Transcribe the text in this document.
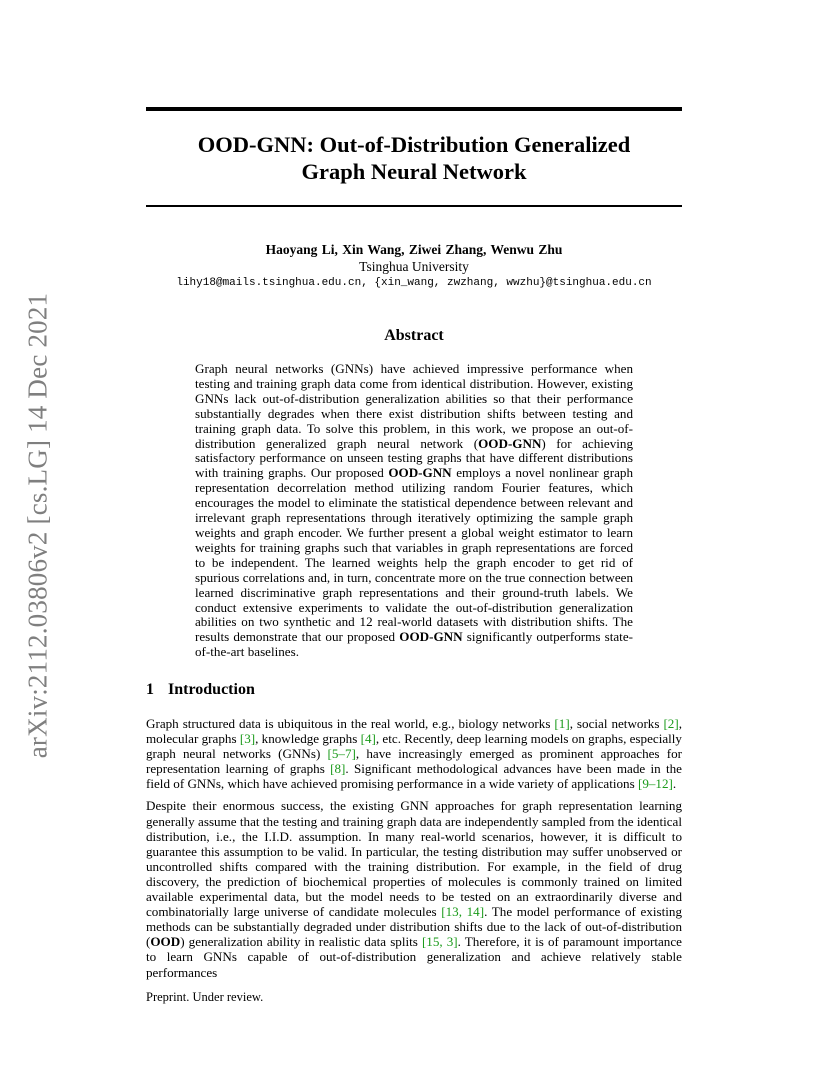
arXiv:2112.03806v2 [cs.LG] 14 Dec 2021
OOD-GNN: Out-of-Distribution Generalized
Graph Neural Network
Haoyang Li, Xin Wang, Ziwei Zhang, Wenwu Zhu
Tsinghua University
lihy18@mails.tsinghua.edu.cn, {xin_wang, zwzhang, wwzhu}@tsinghua.edu.cn
Abstract

Graph neural networks (GNNs) have achieved impressive performance when testing and training graph data come from identical distribution. However, existing GNNs lack out-of-distribution generalization abilities so that their performance substantially degrades when there exist distribution shifts between testing and training graph data. To solve this problem, in this work, we propose an out-of-distribution generalized graph neural network (OOD-GNN) for achieving satisfactory performance on unseen testing graphs that have different distributions with training graphs. Our proposed OOD-GNN employs a novel nonlinear graph representation decorrelation method utilizing random Fourier features, which encourages the model to eliminate the statistical dependence between relevant and irrelevant graph representations through iteratively optimizing the sample graph weights and graph encoder. We further present a global weight estimator to learn weights for training graphs such that variables in graph representations are forced to be independent. The learned weights help the graph encoder to get rid of spurious correlations and, in turn, concentrate more on the true connection between learned discriminative graph representations and their ground-truth labels. We conduct extensive experiments to validate the out-of-distribution generalization abilities on two synthetic and 12 real-world datasets with distribution shifts. The results demonstrate that our proposed OOD-GNN significantly outperforms state-of-the-art baselines.

1 Introduction

Graph structured data is ubiquitous in the real world, e.g., biology networks [1], social networks [2], molecular graphs [3], knowledge graphs [4], etc. Recently, deep learning models on graphs, especially graph neural networks (GNNs) [5–7], have increasingly emerged as prominent approaches for representation learning of graphs [8]. Significant methodological advances have been made in the field of GNNs, which have achieved promising performance in a wide variety of applications [9–12].

Despite their enormous success, the existing GNN approaches for graph representation learning generally assume that the testing and training graph data are independently sampled from the identical distribution, i.e., the I.I.D. assumption. In many real-world scenarios, however, it is difficult to guarantee this assumption to be valid. In particular, the testing distribution may suffer unobserved or uncontrolled shifts compared with the training distribution. For example, in the field of drug discovery, the prediction of biochemical properties of molecules is commonly trained on limited available experimental data, but the model needs to be tested on an extraordinarily diverse and combinatorially large universe of candidate molecules [13, 14]. The model performance of existing methods can be substantially degraded under distribution shifts due to the lack of out-of-distribution (OOD) generalization ability in realistic data splits [15, 3]. Therefore, it is of paramount importance to learn GNNs capable of out-of-distribution generalization and achieve relatively stable performances

Preprint. Under review.
